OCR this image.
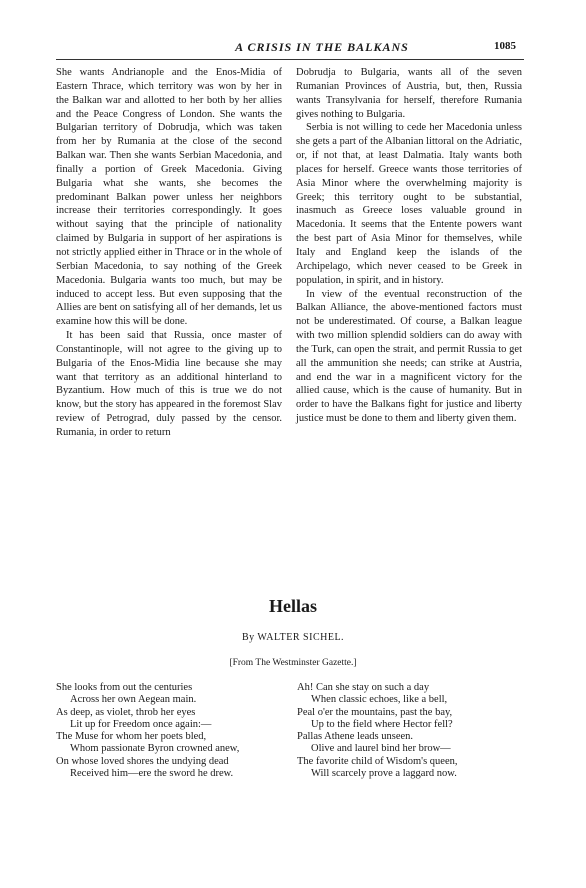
A CRISIS IN THE BALKANS	1085

She wants Andrianople and the Enos-Midia of Eastern Thrace, which territory was won by her in the Balkan war and allotted to her both by her allies and the Peace Congress of London. She wants the Bulgarian territory of Dobrudja, which was taken from her by Rumania at the close of the second Balkan war. Then she wants Serbian Macedonia, and finally a portion of Greek Macedonia. Giving Bulgaria what she wants, she becomes the predominant Balkan power unless her neighbors increase their territories correspondingly. It goes without saying that the principle of nationality claimed by Bulgaria in support of her aspirations is not strictly applied either in Thrace or in the whole of Serbian Macedonia, to say nothing of the Greek Macedonia. Bulgaria wants too much, but may be induced to accept less. But even supposing that the Allies are bent on satisfying all of her demands, let us examine how this will be done.

It has been said that Russia, once master of Constantinople, will not agree to the giving up to Bulgaria of the Enos-Midia line because she may want that territory as an additional hinterland to Byzantium. How much of this is true we do not know, but the story has appeared in the foremost Slav review of Petrograd, duly passed by the censor. Rumania, in order to return

Dobrudja to Bulgaria, wants all of the seven Rumanian Provinces of Austria, but, then, Russia wants Transylvania for herself, therefore Rumania gives nothing to Bulgaria.

Serbia is not willing to cede her Macedonia unless she gets a part of the Albanian littoral on the Adriatic, or, if not that, at least Dalmatia. Italy wants both places for herself. Greece wants those territories of Asia Minor where the overwhelming majority is Greek; this territory ought to be substantial, inasmuch as Greece loses valuable ground in Macedonia. It seems that the Entente powers want the best part of Asia Minor for themselves, while Italy and England keep the islands of the Archipelago, which never ceased to be Greek in population, in spirit, and in history.

In view of the eventual reconstruction of the Balkan Alliance, the above-mentioned factors must not be underestimated. Of course, a Balkan league with two million splendid soldiers can do away with the Turk, can open the strait, and permit Russia to get all the ammunition she needs; can strike at Austria, and end the war in a magnificent victory for the allied cause, which is the cause of humanity. But in order to have the Balkans fight for justice and liberty justice must be done to them and liberty given them.

Hellas
By WALTER SICHEL.
[From The Westminster Gazette.]
She looks from out the centuries
Across her own Aegean main.
As deep, as violet, throb her eyes
Lit up for Freedom once again:—
The Muse for whom her poets bled,
Whom passionate Byron crowned anew,
On whose loved shores the undying dead
Received him—ere the sword he drew.
Ah! Can she stay on such a day
When classic echoes, like a bell,
Peal o'er the mountains, past the bay,
Up to the field where Hector fell?
Pallas Athene leads unseen.
Olive and laurel bind her brow—
The favorite child of Wisdom's queen,
Will scarcely prove a laggard now.
